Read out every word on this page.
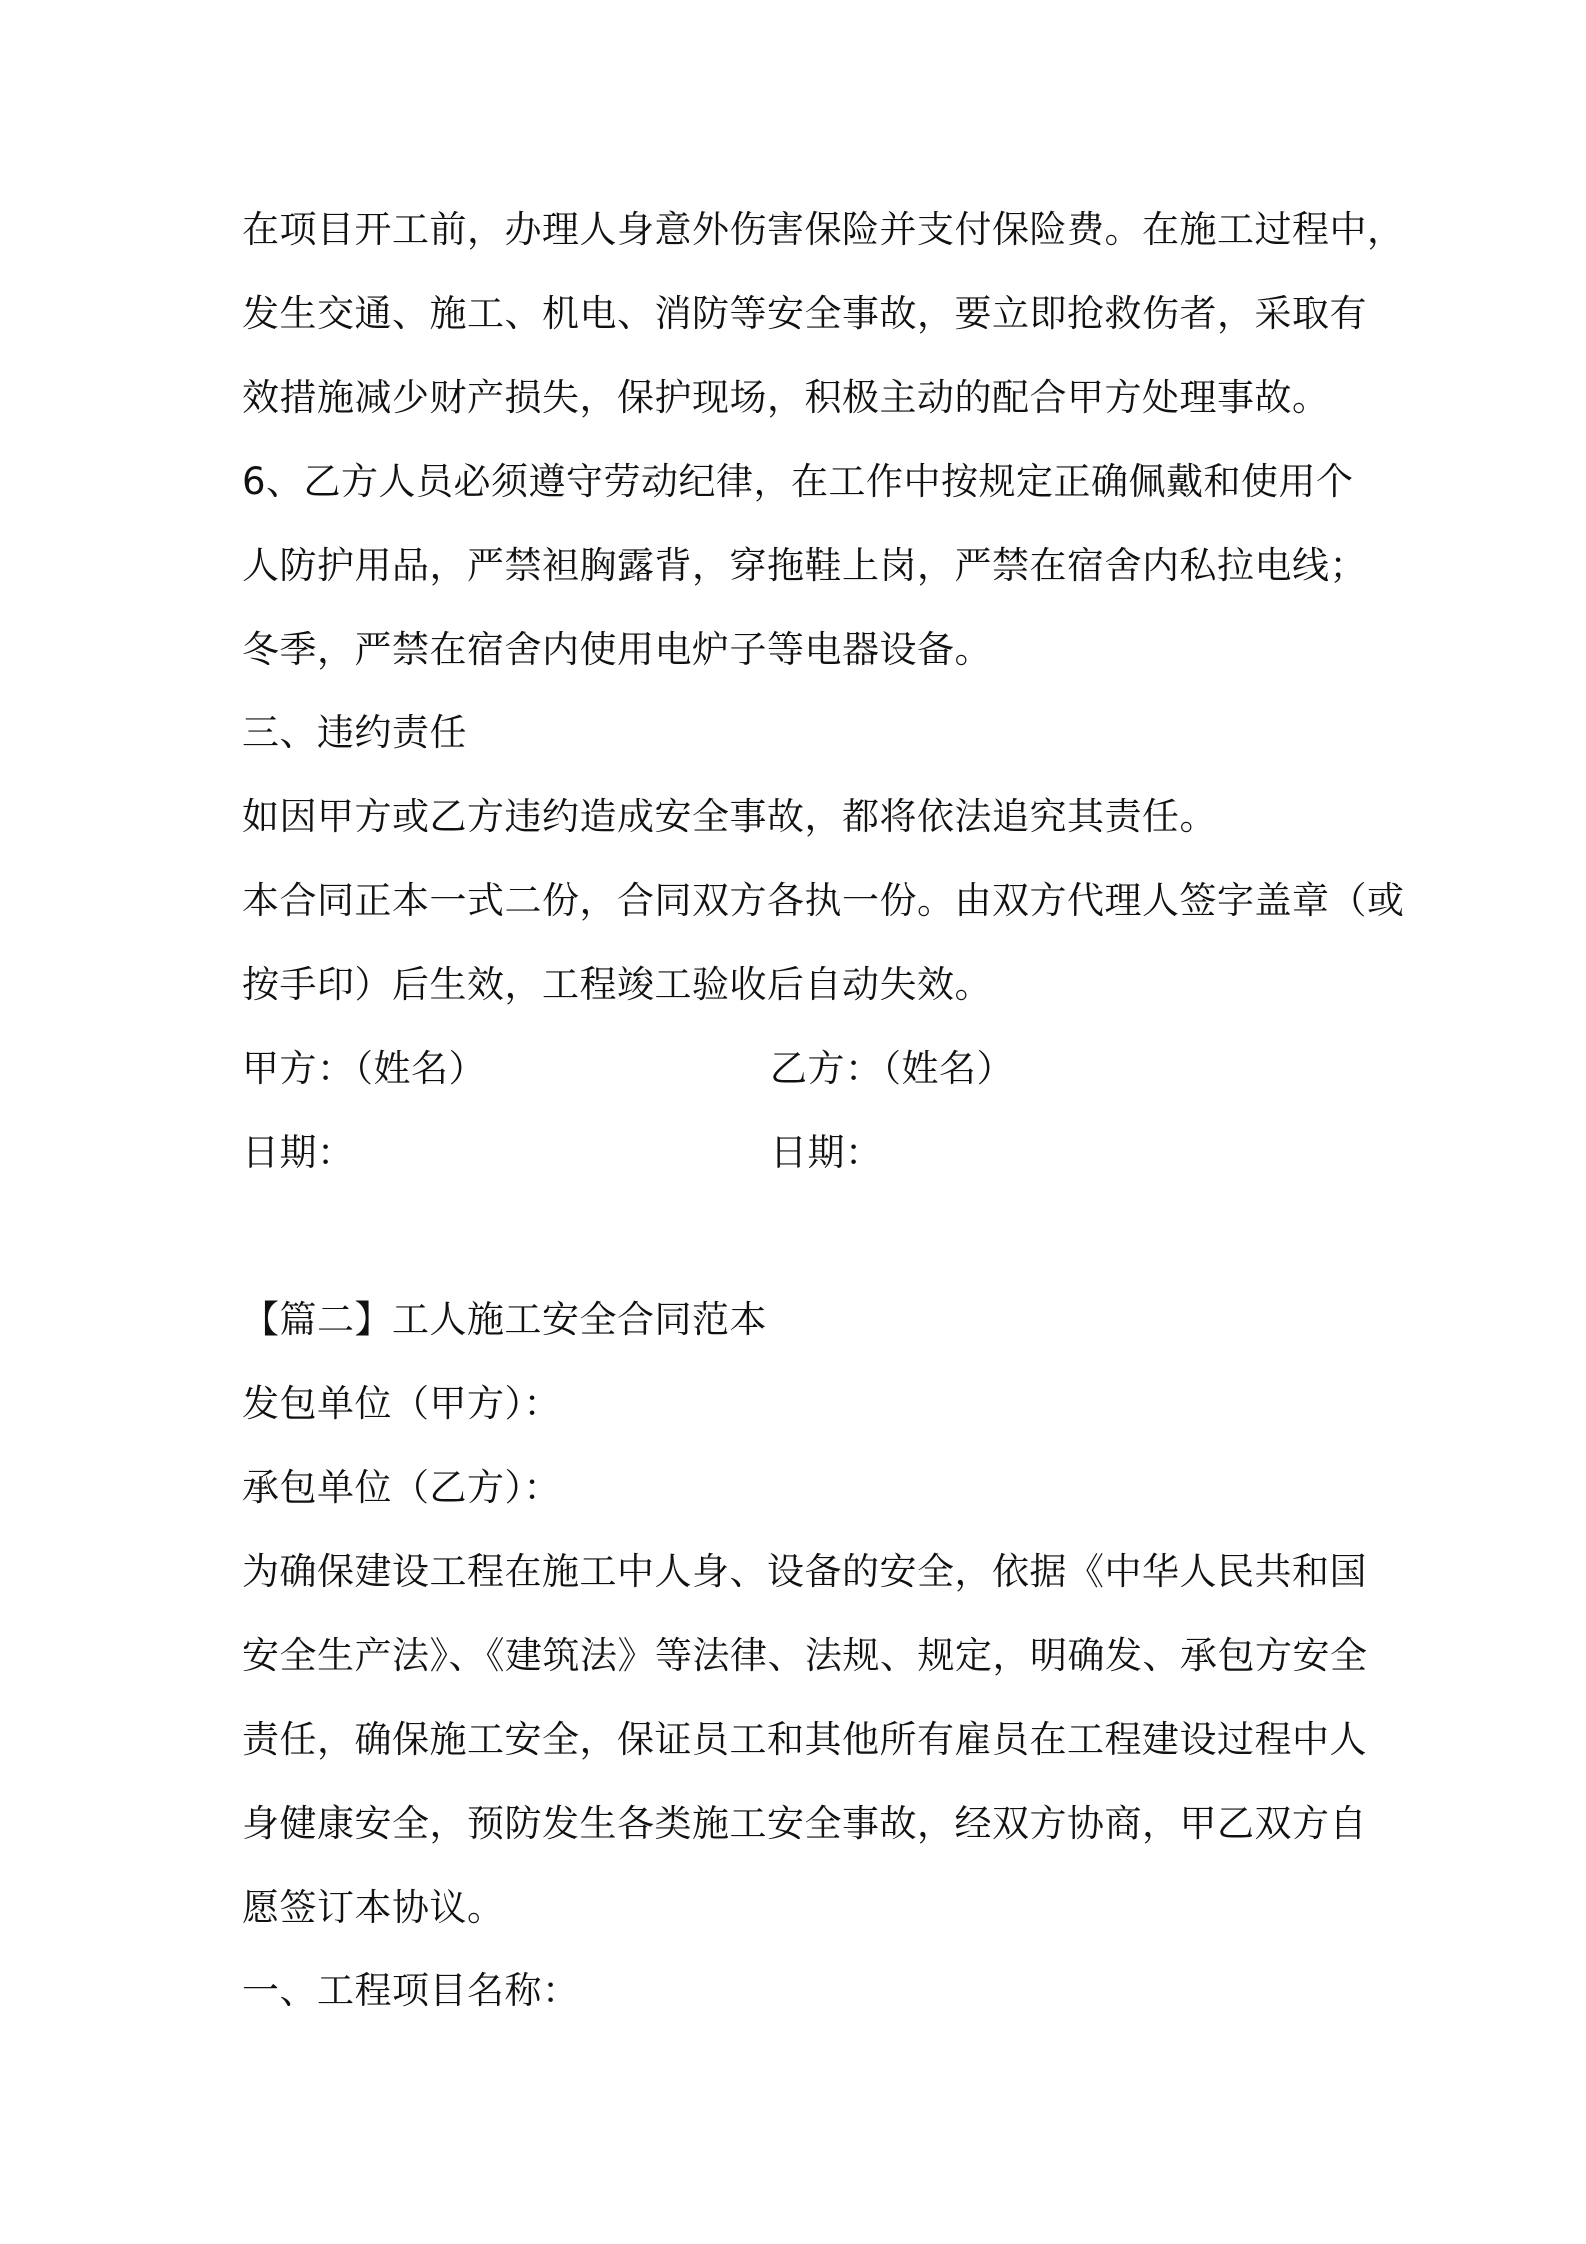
在项目开工前，办理人身意外伤害保险并支付保险费。在施工过程中，
发生交通、施工、机电、消防等安全事故，要立即抢救伤者，采取有
效措施减少财产损失，保护现场，积极主动的配合甲方处理事故。
6、乙方人员必须遵守劳动纪律，在工作中按规定正确佩戴和使用个
人防护用品，严禁袒胸露背，穿拖鞋上岗，严禁在宿舍内私拉电线；
冬季，严禁在宿舍内使用电炉子等电器设备。
三、违约责任
如因甲方或乙方违约造成安全事故，都将依法追究其责任。
本合同正本一式二份，合同双方各执一份。由双方代理人签字盖章（或
按手印）后生效，工程竣工验收后自动失效。
甲方：（姓名）	乙方：（姓名）
日期：	日期：
【篇二】工人施工安全合同范本
发包单位（甲方）：
承包单位（乙方）：
为确保建设工程在施工中人身、设备的安全，依据《中华人民共和国
安全生产法》、《建筑法》等法律、法规、规定，明确发、承包方安全
责任，确保施工安全，保证员工和其他所有雇员在工程建设过程中人
身健康安全，预防发生各类施工安全事故，经双方协商，甲乙双方自
愿签订本协议。
一、工程项目名称：
